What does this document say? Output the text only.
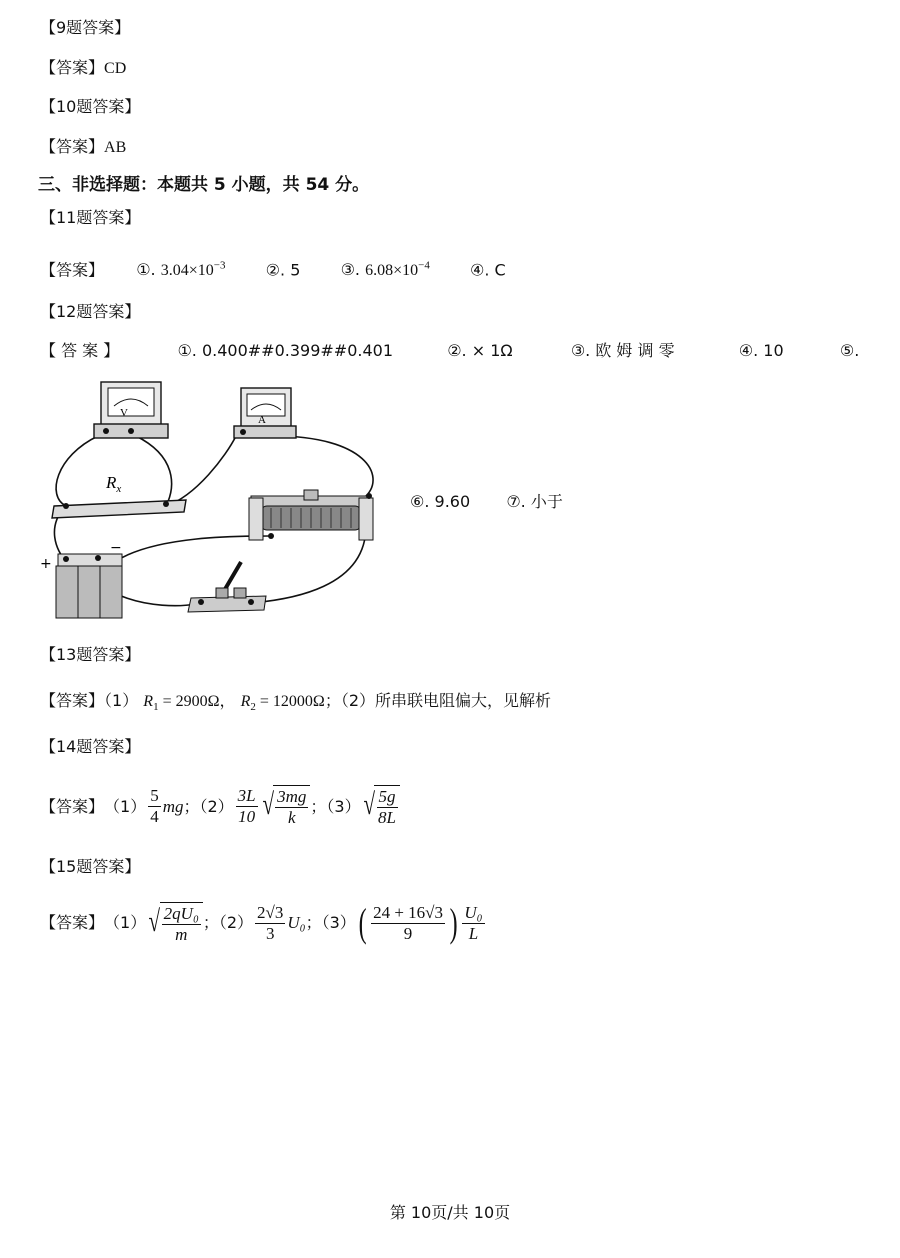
【9题答案】
【答案】CD
【10题答案】
【答案】AB
三、非选择题：本题共 5 小题，共 54 分。
【11题答案】
【答案】 ①. $3.04\times 10^{-3}$	②. 5	③. $6.08\times 10^{-4}$	④. C
【12题答案】
【 答 案 】	①. 0.400##0.399##0.401	②. × 1Ω	③. 欧 姆 调 零	④. 10	⑤.
V
A
$R_x$
+
−
⑥. 9.60 ⑦. 小于
【13题答案】
【答案】（1） $R_1 = 2900\Omega$， $R_2 = 12000\Omega$；（2）所串联电阻偏大，见解析
【14题答案】
【答案】 $(1) \frac{5}{4}$ mg ；$(2) \frac{3L}{10}$ √ $\frac{3mg}{k}$ ；（3） √ $\frac{5g}{8L}$
【15题答案】
【答案】 （1） √ $\frac{\text{2qU₀}}{m}$ ；$(2) \frac{2√3}{3} U_0$ ；（3） ( $\frac{24 + 16√3}{9}$ ) $\frac{\text{U₀}}{L}$
第 10页/共 10页
